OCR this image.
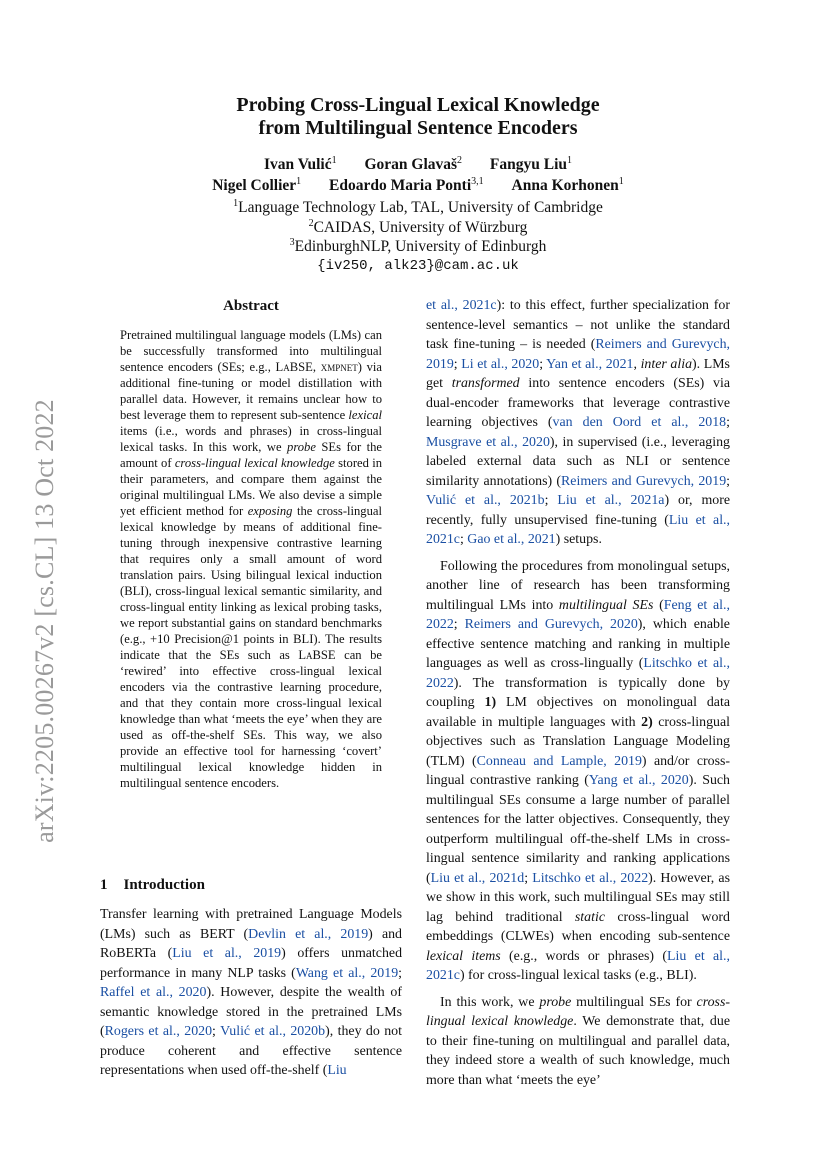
arXiv:2205.00267v2 [cs.CL] 13 Oct 2022
Probing Cross-Lingual Lexical Knowledge
from Multilingual Sentence Encoders
Ivan Vulić$^1$ Goran Glavaš$^2$ Fangyu Liu$^1$
Nigel Collier$^1$ Edoardo Maria Ponti$^{3,1}$ Anna Korhonen$^1$
$^1$Language Technology Lab, TAL, University of Cambridge
$^2$CAIDAS, University of Würzburg
$^3$EdinburghNLP, University of Edinburgh
{iv250, alk23}@cam.ac.uk
Abstract
Pretrained multilingual language models (LMs) can be successfully transformed into multilingual sentence encoders (SEs; e.g., LaBSE, xmpnet) via additional fine-tuning or model distillation with parallel data. However, it remains unclear how to best leverage them to represent sub-sentence lexical items (i.e., words and phrases) in cross-lingual lexical tasks. In this work, we probe SEs for the amount of cross-lingual lexical knowledge stored in their parameters, and compare them against the original multilingual LMs. We also devise a simple yet efficient method for exposing the cross-lingual lexical knowledge by means of additional fine-tuning through inexpensive contrastive learning that requires only a small amount of word translation pairs. Using bilingual lexical induction (BLI), cross-lingual lexical semantic similarity, and cross-lingual entity linking as lexical probing tasks, we report substantial gains on standard benchmarks (e.g., +10 Precision@1 points in BLI). The results indicate that the SEs such as LaBSE can be ‘rewired’ into effective cross-lingual lexical encoders via the contrastive learning procedure, and that they contain more cross-lingual lexical knowledge than what ‘meets the eye’ when they are used as off-the-shelf SEs. This way, we also provide an effective tool for harnessing ‘covert’ multilingual lexical knowledge hidden in multilingual sentence encoders.
1 Introduction

Transfer learning with pretrained Language Models (LMs) such as BERT (Devlin et al., 2019) and RoBERTa (Liu et al., 2019) offers unmatched performance in many NLP tasks (Wang et al., 2019; Raffel et al., 2020). However, despite the wealth of semantic knowledge stored in the pretrained LMs (Rogers et al., 2020; Vulić et al., 2020b), they do not produce coherent and effective sentence representations when used off-the-shelf (Liu

et al., 2021c): to this effect, further specialization for sentence-level semantics – not unlike the standard task fine-tuning – is needed (Reimers and Gurevych, 2019; Li et al., 2020; Yan et al., 2021, inter alia). LMs get transformed into sentence encoders (SEs) via dual-encoder frameworks that leverage contrastive learning objectives (van den Oord et al., 2018; Musgrave et al., 2020), in supervised (i.e., leveraging labeled external data such as NLI or sentence similarity annotations) (Reimers and Gurevych, 2019; Vulić et al., 2021b; Liu et al., 2021a) or, more recently, fully unsupervised fine-tuning (Liu et al., 2021c; Gao et al., 2021) setups.

Following the procedures from monolingual setups, another line of research has been transforming multilingual LMs into multilingual SEs (Feng et al., 2022; Reimers and Gurevych, 2020), which enable effective sentence matching and ranking in multiple languages as well as cross-lingually (Litschko et al., 2022). The transformation is typically done by coupling 1) LM objectives on monolingual data available in multiple languages with 2) cross-lingual objectives such as Translation Language Modeling (TLM) (Conneau and Lample, 2019) and/or cross-lingual contrastive ranking (Yang et al., 2020). Such multilingual SEs consume a large number of parallel sentences for the latter objectives. Consequently, they outperform multilingual off-the-shelf LMs in cross-lingual sentence similarity and ranking applications (Liu et al., 2021d; Litschko et al., 2022). However, as we show in this work, such multilingual SEs may still lag behind traditional static cross-lingual word embeddings (CLWEs) when encoding sub-sentence lexical items (e.g., words or phrases) (Liu et al., 2021c) for cross-lingual lexical tasks (e.g., BLI).

In this work, we probe multilingual SEs for cross-lingual lexical knowledge. We demonstrate that, due to their fine-tuning on multilingual and parallel data, they indeed store a wealth of such knowledge, much more than what ‘meets the eye’
